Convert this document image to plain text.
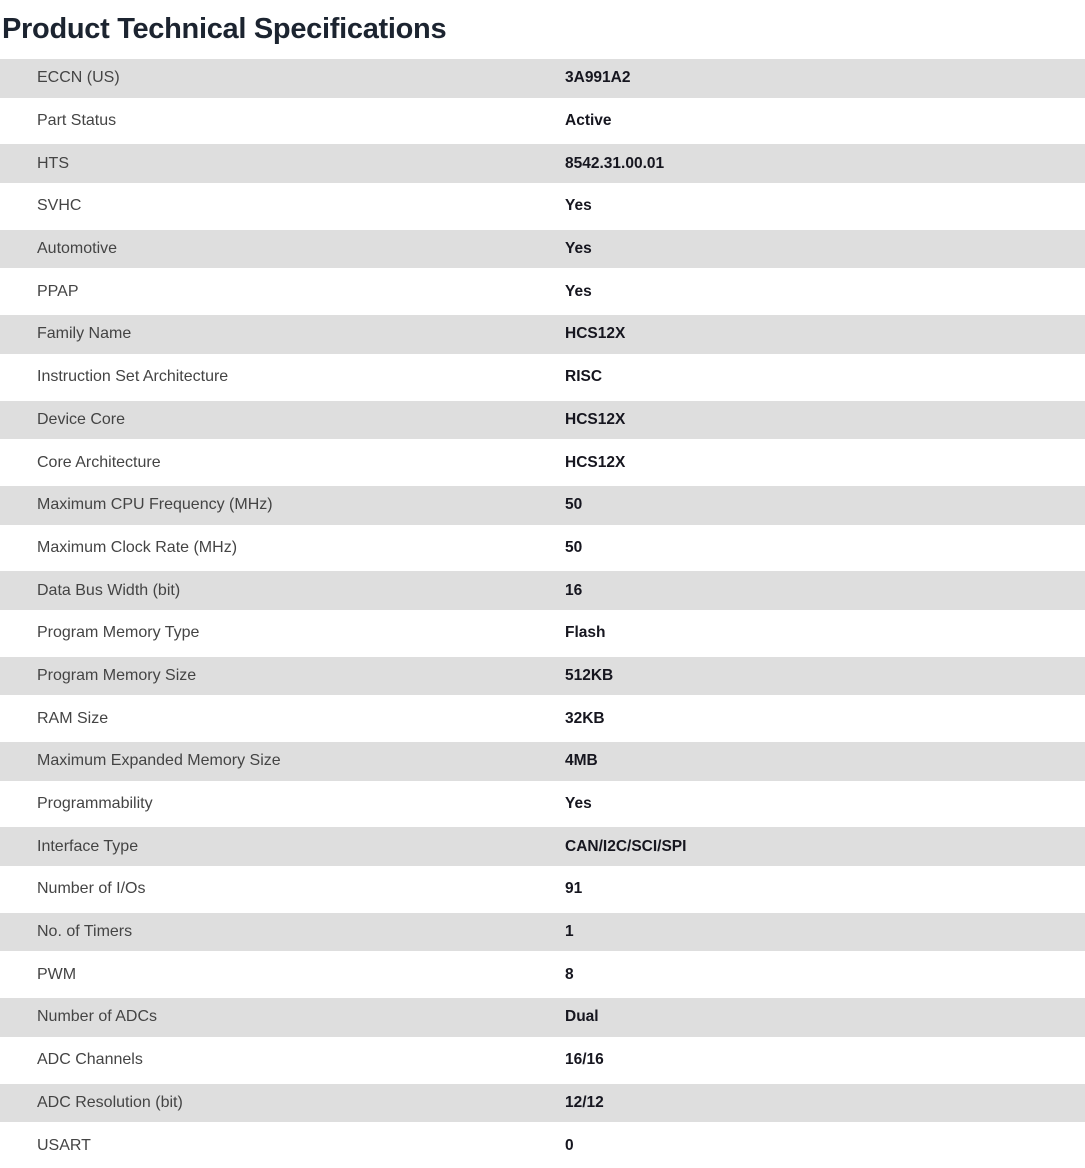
Product Technical Specifications
ECCN (US)	3A991A2
Part Status	Active
HTS	8542.31.00.01
SVHC	Yes
Automotive	Yes
PPAP	Yes
Family Name	HCS12X
Instruction Set Architecture	RISC
Device Core	HCS12X
Core Architecture	HCS12X
Maximum CPU Frequency (MHz)	50
Maximum Clock Rate (MHz)	50
Data Bus Width (bit)	16
Program Memory Type	Flash
Program Memory Size	512KB
RAM Size	32KB
Maximum Expanded Memory Size	4MB
Programmability	Yes
Interface Type	CAN/I2C/SCI/SPI
Number of I/Os	91
No. of Timers	1
PWM	8
Number of ADCs	Dual
ADC Channels	16/16
ADC Resolution (bit)	12/12
USART	0
